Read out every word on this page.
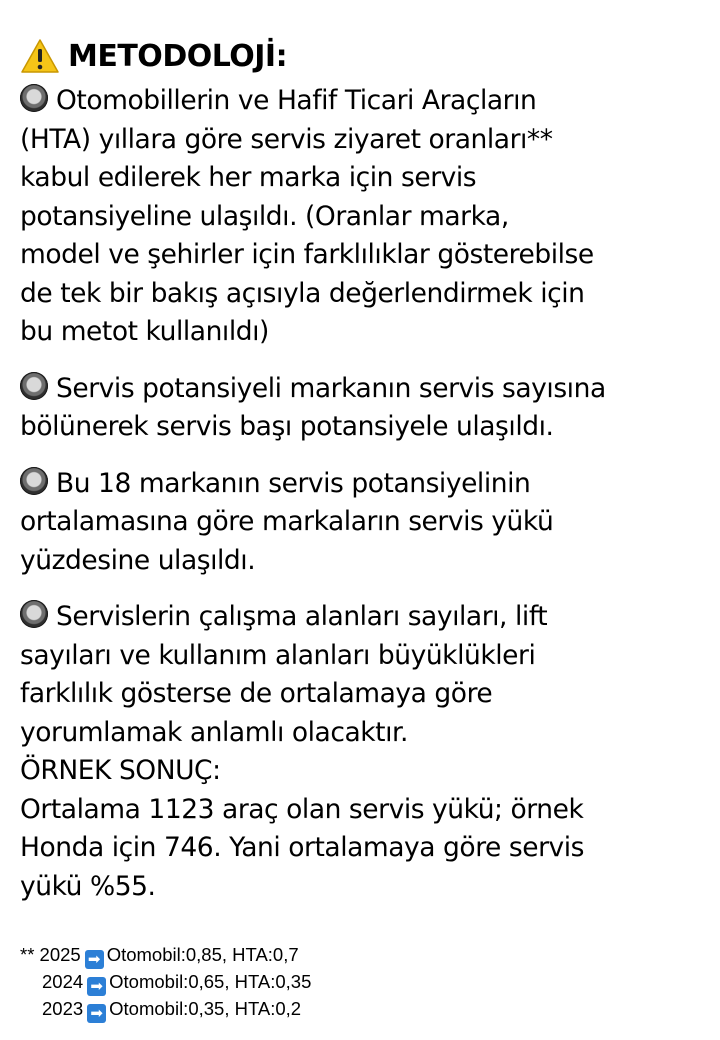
METODOLOJİ:
Otomobillerin ve Hafif Ticari Araçların
(HTA) yıllara göre servis ziyaret oranları**
kabul edilerek her marka için servis
potansiyeline ulaşıldı. (Oranlar marka,
model ve şehirler için farklılıklar gösterebilse
de tek bir bakış açısıyla değerlendirmek için
bu metot kullanıldı)
Servis potansiyeli markanın servis sayısına
bölünerek servis başı potansiyele ulaşıldı.
Bu 18 markanın servis potansiyelinin
ortalamasına göre markaların servis yükü
yüzdesine ulaşıldı.
Servislerin çalışma alanları sayıları, lift
sayıları ve kullanım alanları büyüklükleri
farklılık gösterse de ortalamaya göre
yorumlamak anlamlı olacaktır.
ÖRNEK SONUÇ:
Ortalama 1123 araç olan servis yükü; örnek
Honda için 746. Yani ortalamaya göre servis
yükü %55.
** 2025 ➡ Otomobil:0,85, HTA:0,7
2024 ➡ Otomobil:0,65, HTA:0,35
2023 ➡ Otomobil:0,35, HTA:0,2
